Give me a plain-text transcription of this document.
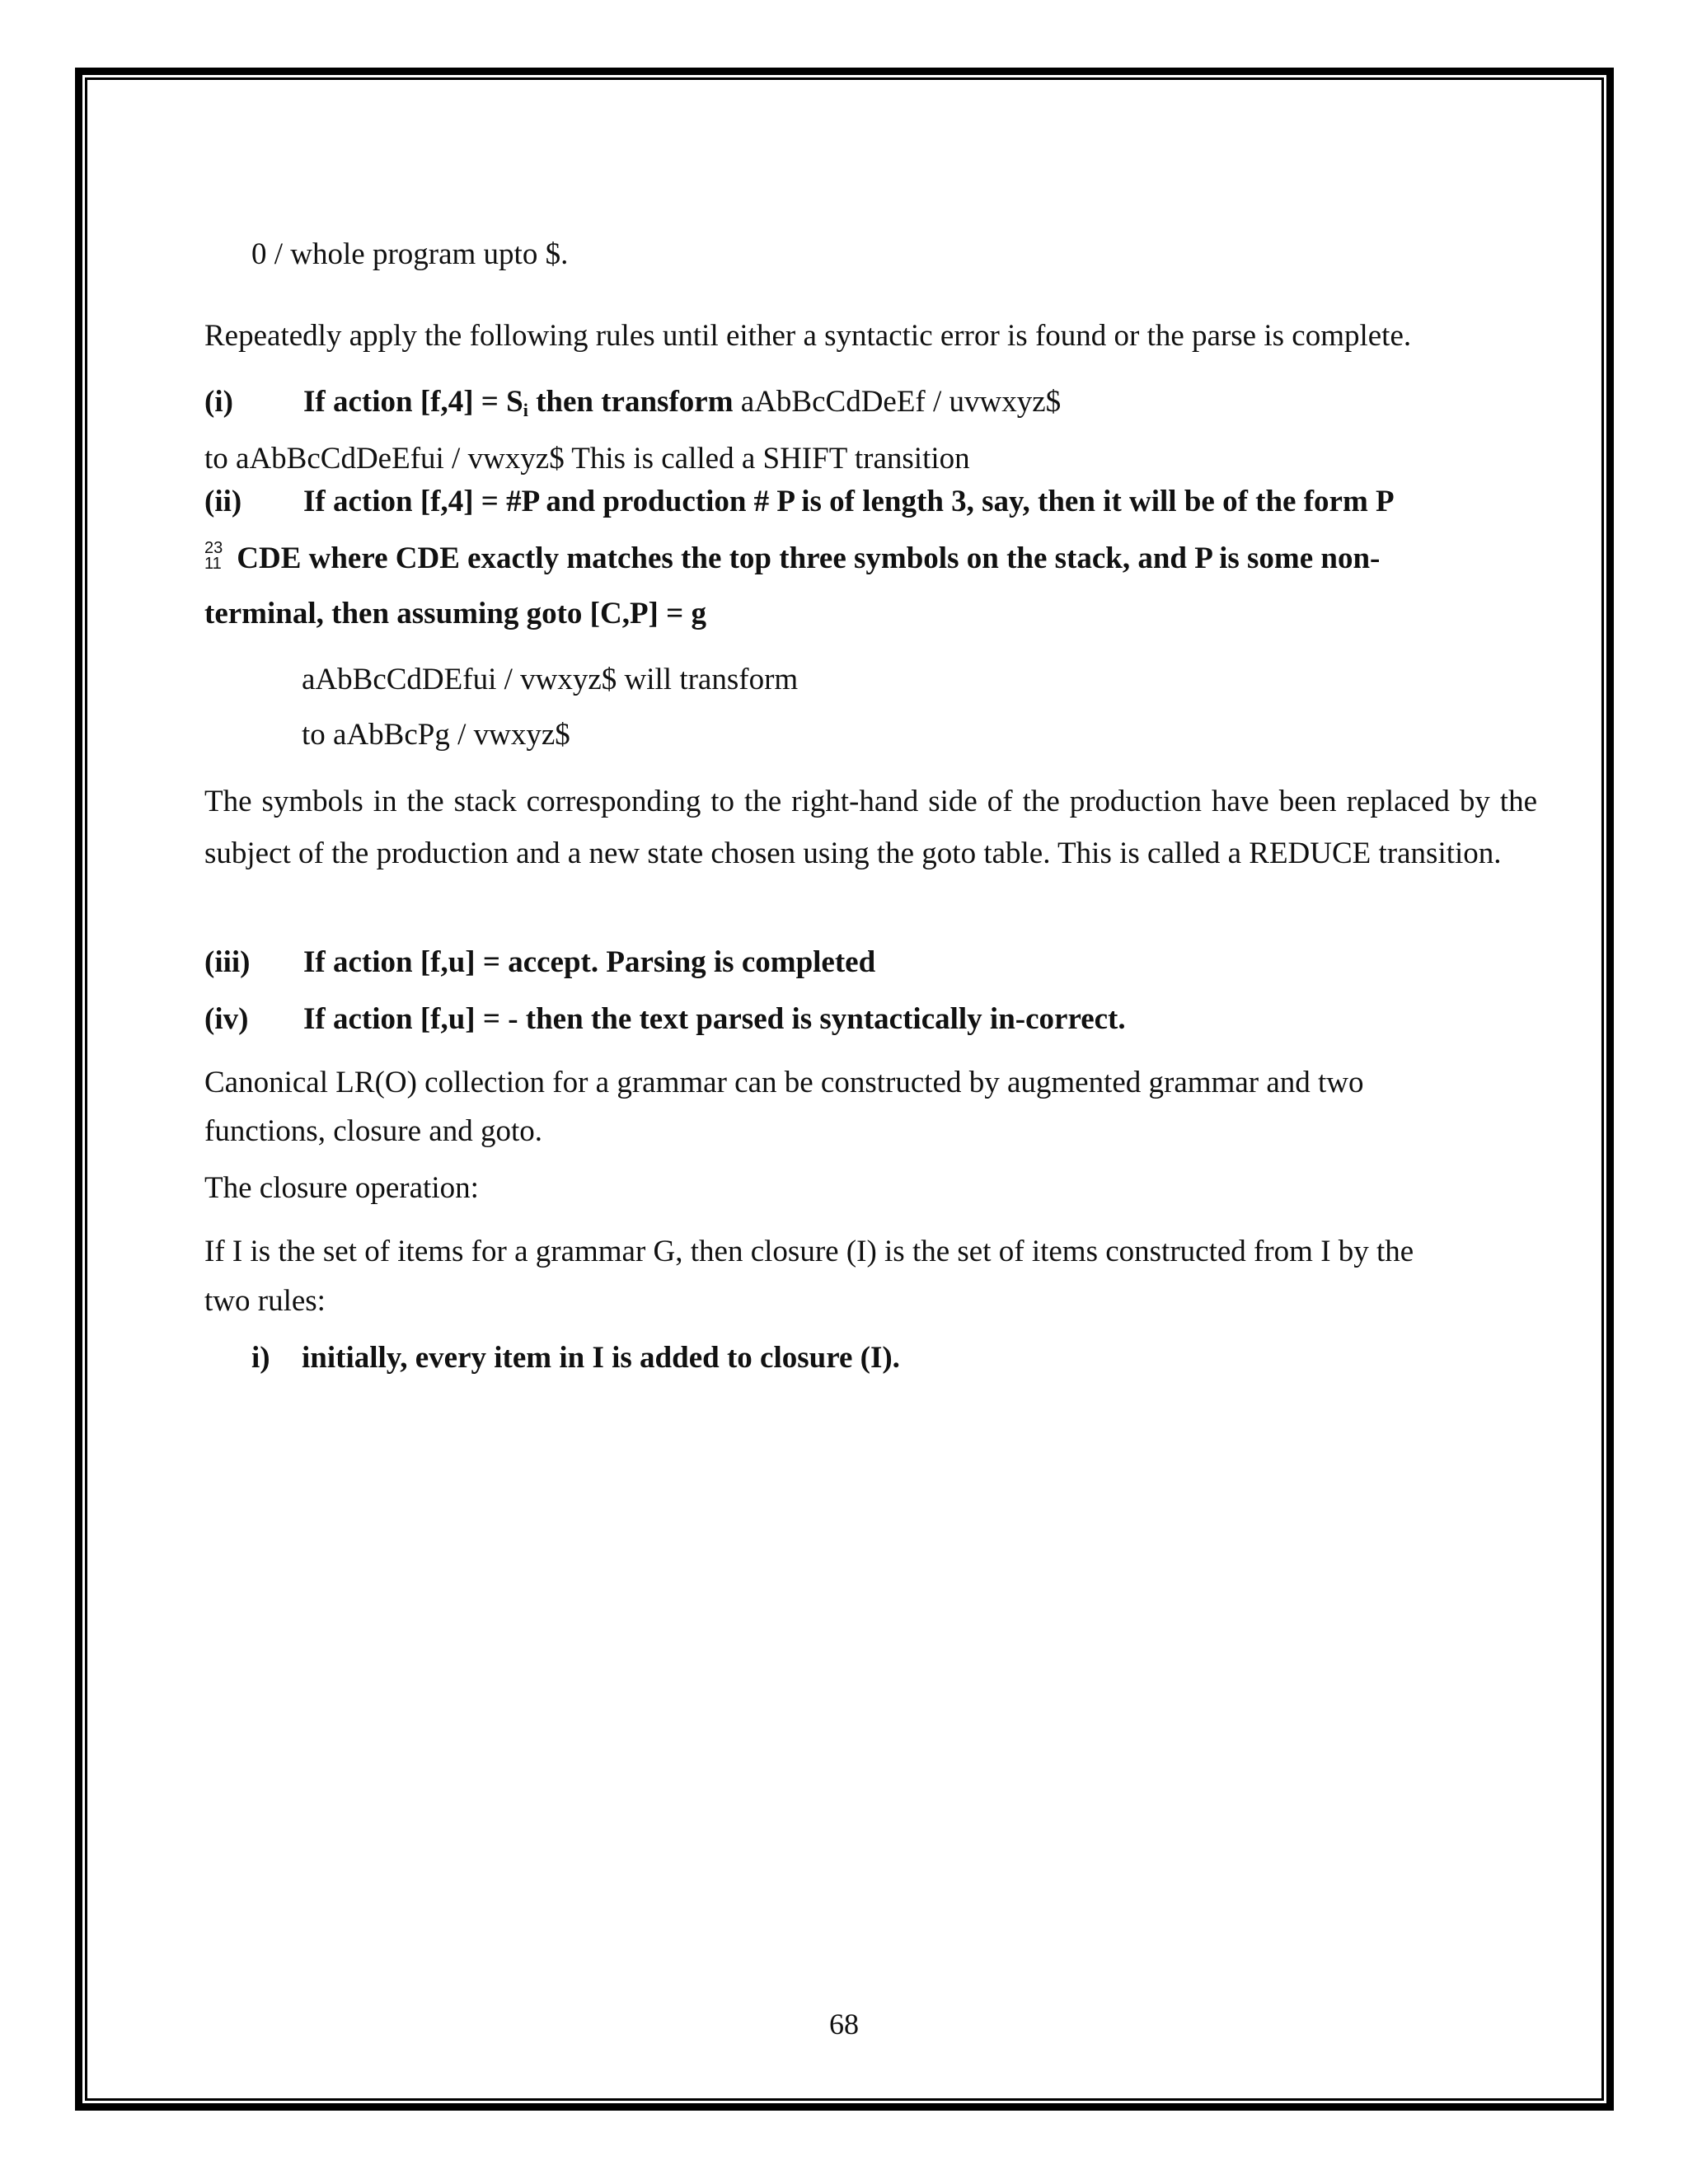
0 / whole program upto $.
Repeatedly apply the following rules until either a syntactic error is found or the parse is complete.
(i) If action [f,4] = Si then transform aAbBcCdDeEf / uvwxyz$
to aAbBcCdDeEfui / vwxyz$ This is called a SHIFT transition
(ii) If action [f,4] = #P and production # P is of length 3, say, then it will be of the form P
23
11 CDE where CDE exactly matches the top three symbols on the stack, and P is some non-
terminal, then assuming goto [C,P] = g
aAbBcCdDEfui / vwxyz$ will transform
to aAbBcPg / vwxyz$
The symbols in the stack corresponding to the right-hand side of the production have been replaced by the subject of the production and a new state chosen using the goto table. This is called a REDUCE transition.
(iii) If action [f,u] = accept. Parsing is completed
(iv) If action [f,u] = - then the text parsed is syntactically in-correct.
Canonical LR(O) collection for a grammar can be constructed by augmented grammar and two
functions, closure and goto.
The closure operation:
If I is the set of items for a grammar G, then closure (I) is the set of items constructed from I by the
two rules:
i) initially, every item in I is added to closure (I).
68
